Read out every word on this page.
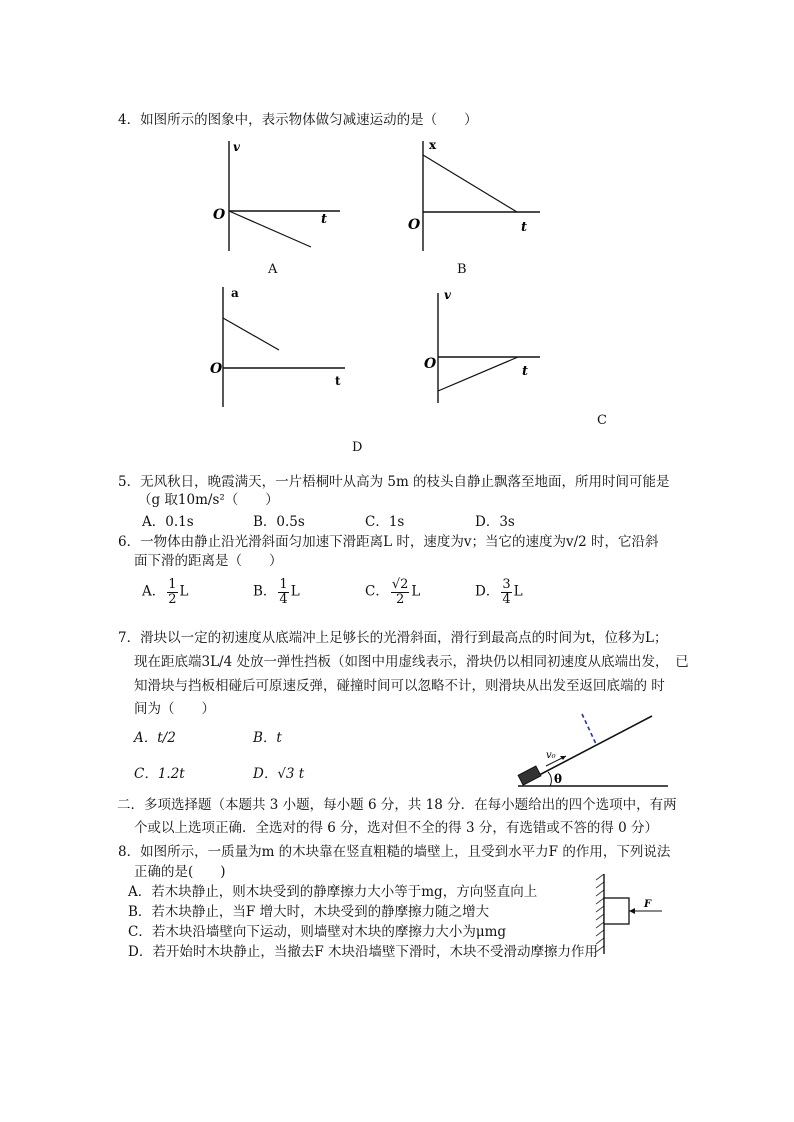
4．如图所示的图象中，表示物体做匀减速运动的是（　　）
v
O	t
A
x
O	t
B
a
O
t
D
v
O	t
C
5．无风秋日，晚霞满天，一片梧桐叶从高为 5m 的枝头自静止飘落至地面，所用时间可能是
（g 取10m/s²（　　）
A．0.1s	B．0.5s	C．1s	D．3s
6．一物体由静止沿光滑斜面匀加速下滑距离L 时，速度为v；当它的速度为v/2 时，它沿斜
面下滑的距离是（　　）
A． $\frac{1}{2}$ L	B． $\frac{1}{4}$ L	C． $\frac{√2}{2}$ L	D． $\frac{3}{4}$ L
7．滑块以一定的初速度从底端冲上足够长的光滑斜面，滑行到最高点的时间为t，位移为L；
现在距底端3L/4 处放一弹性挡板（如图中用虚线表示，滑块仍以相同初速度从底端出发，　已
知滑块与挡板相碰后可原速反弹，碰撞时间可以忽略不计，则滑块从出发至返回底端的 时
间为（　　）
A．t/2	B．t
C．1.2t	D．√3 t
v₀
θ
二．多项选择题（本题共 3 小题，每小题 6 分，共 18 分．在每小题给出的四个选项中，有两
个或以上选项正确．全选对的得 6 分，选对但不全的得 3 分，有选错或不答的得 0 分）
8．如图所示，一质量为m 的木块靠在竖直粗糙的墙壁上，且受到水平力F 的作用，下列说法
正确的是(　　)
A．若木块静止，则木块受到的静摩擦力大小等于mg，方向竖直向上
B．若木块静止，当F 增大时，木块受到的静摩擦力随之增大
C．若木块沿墙壁向下运动，则墙壁对木块的摩擦力大小为μmg
D．若开始时木块静止，当撤去F 木块沿墙壁下滑时，木块不受滑动摩擦力作用
F
